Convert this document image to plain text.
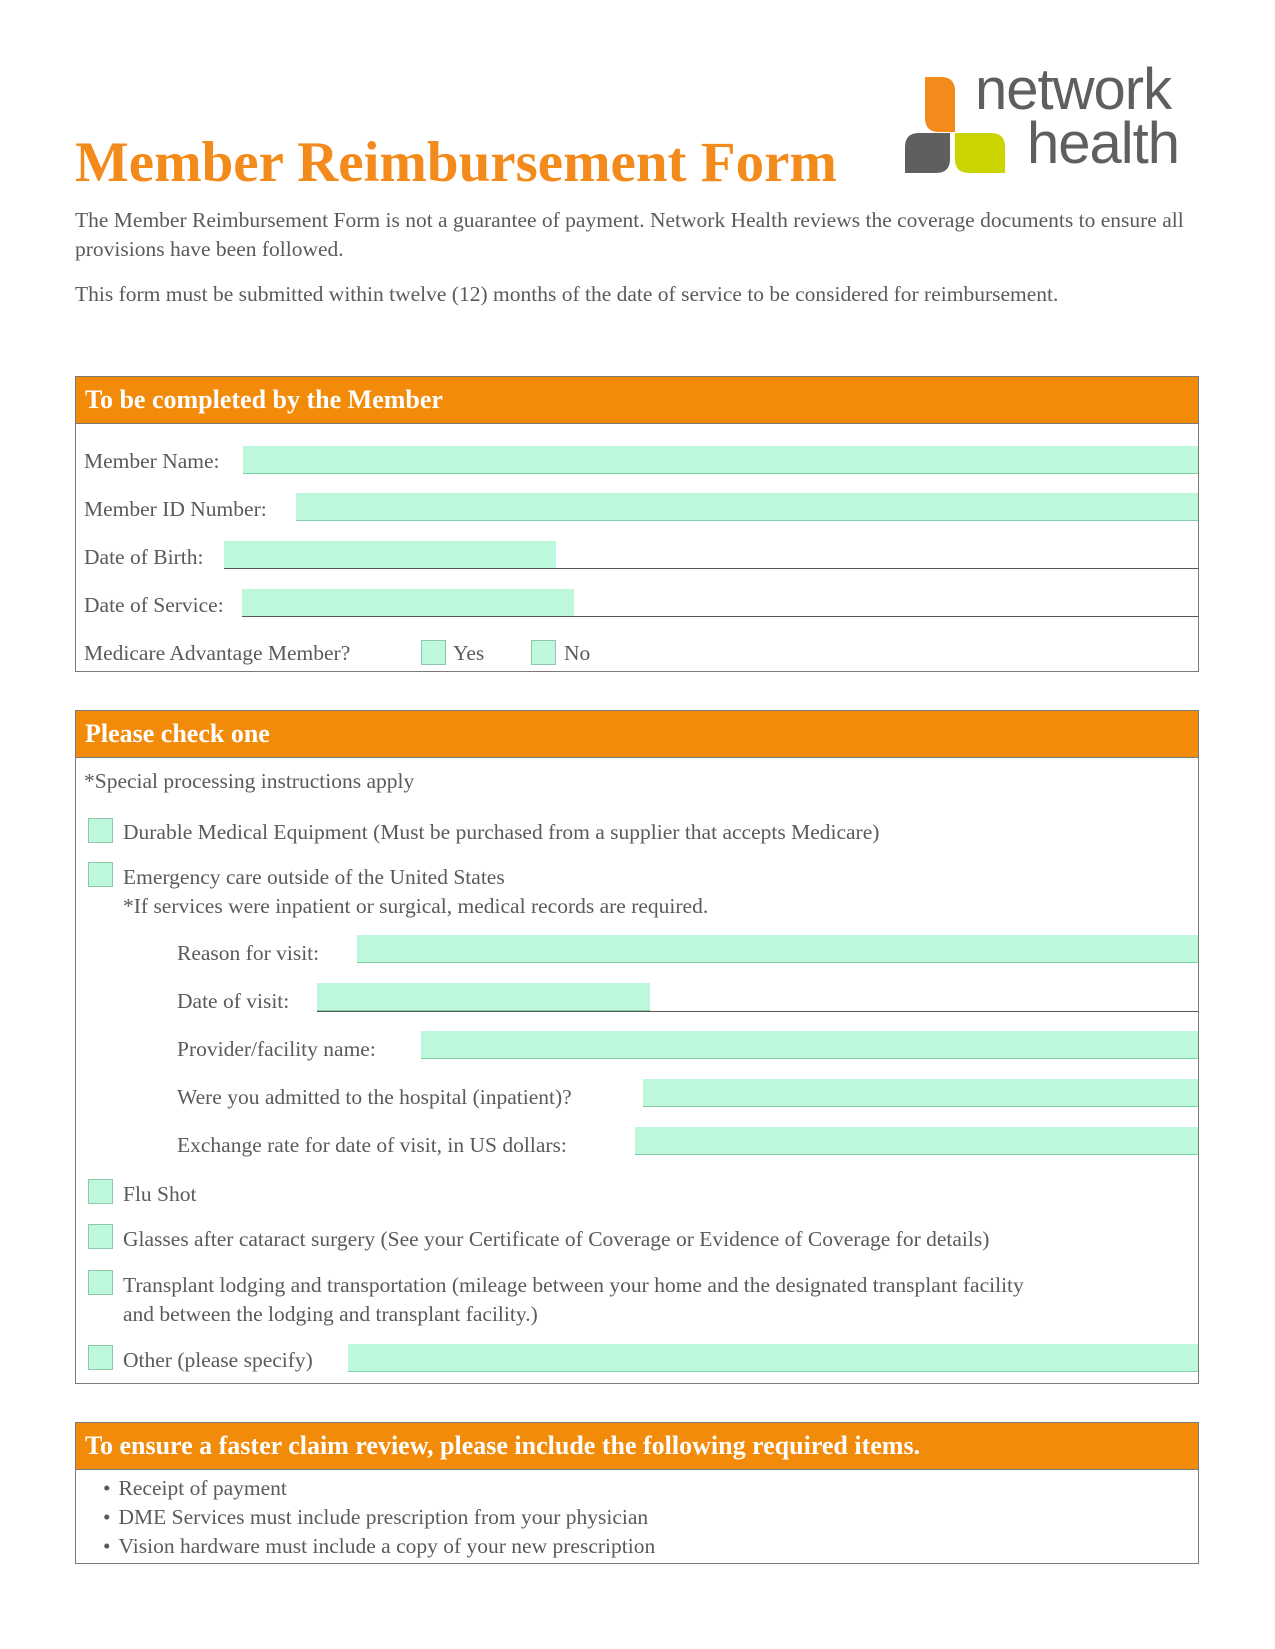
Member Reimbursement Form
network
health
The Member Reimbursement Form is not a guarantee of payment. Network Health reviews the coverage documents to ensure all provisions have been followed.
This form must be submitted within twelve (12) months of the date of service to be considered for reimbursement.
To be completed by the Member
Member Name:
Member ID Number:
Date of Birth:
Date of Service:
Medicare Advantage Member?	Yes	No
Please check one
*Special processing instructions apply
Durable Medical Equipment (Must be purchased from a supplier that accepts Medicare)
Emergency care outside of the United States
*If services were inpatient or surgical, medical records are required.
Reason for visit:
Date of visit:
Provider/facility name:
Were you admitted to the hospital (inpatient)?
Exchange rate for date of visit, in US dollars:
Flu Shot
Glasses after cataract surgery (See your Certificate of Coverage or Evidence of Coverage for details)
Transplant lodging and transportation (mileage between your home and the designated transplant facility
and between the lodging and transplant facility.)
Other (please specify)
To ensure a faster claim review, please include the following required items.
• Receipt of payment
• DME Services must include prescription from your physician
• Vision hardware must include a copy of your new prescription
